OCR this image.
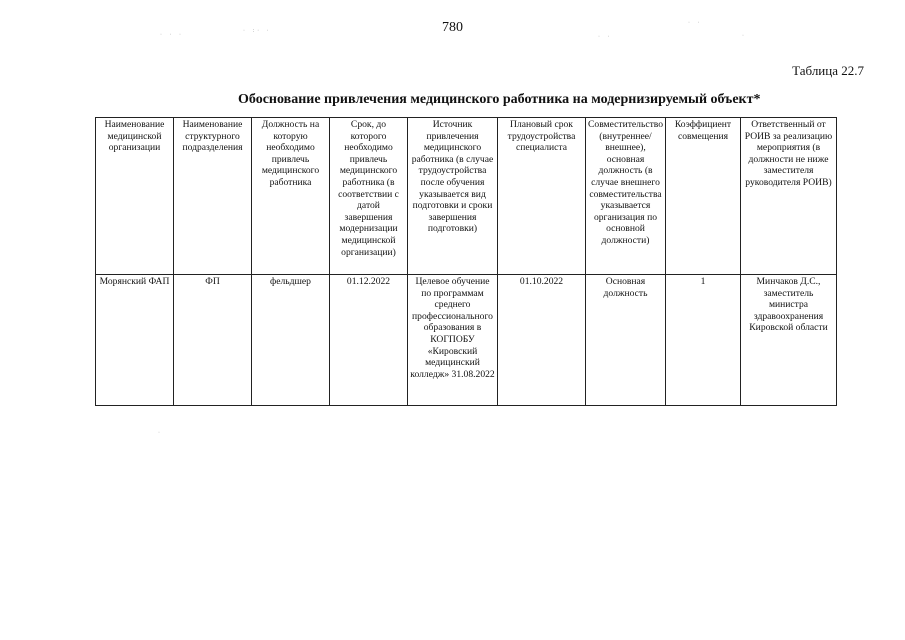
· · ·
· :· ·
· ·
· ·
·
·
780
Таблица 22.7
Обоснование привлечения медицинского работника на модернизируемый объект*
Наименование медицинской организации	Наименование структурного подразделения	Должность на которую необходимо привлечь медицинского работника	Срок, до которого необходимо привлечь медицинского работника (в соответствии с датой завершения модернизации медицинской организации)	Источник привлечения медицинского работника (в случае трудоустройства после обучения указывается вид подготовки и сроки завершения подготовки)	Плановый срок трудоустройства специалиста	Совместительство (внутреннее/внешнее), основная должность (в случае внешнего совместительства указывается организация по основной должности)	Коэффициент совмещения	Ответственный от РОИВ за реализацию мероприятия (в должности не ниже заместителя руководителя РОИВ)
Морянский ФАП	ФП	фельдшер	01.12.2022	Целевое обучение по программам среднего профессионального образования в КОГПОБУ «Кировский медицинский колледж» 31.08.2022	01.10.2022	Основная должность	1	Минчаков Д.С., заместитель министра здравоохранения Кировской области
